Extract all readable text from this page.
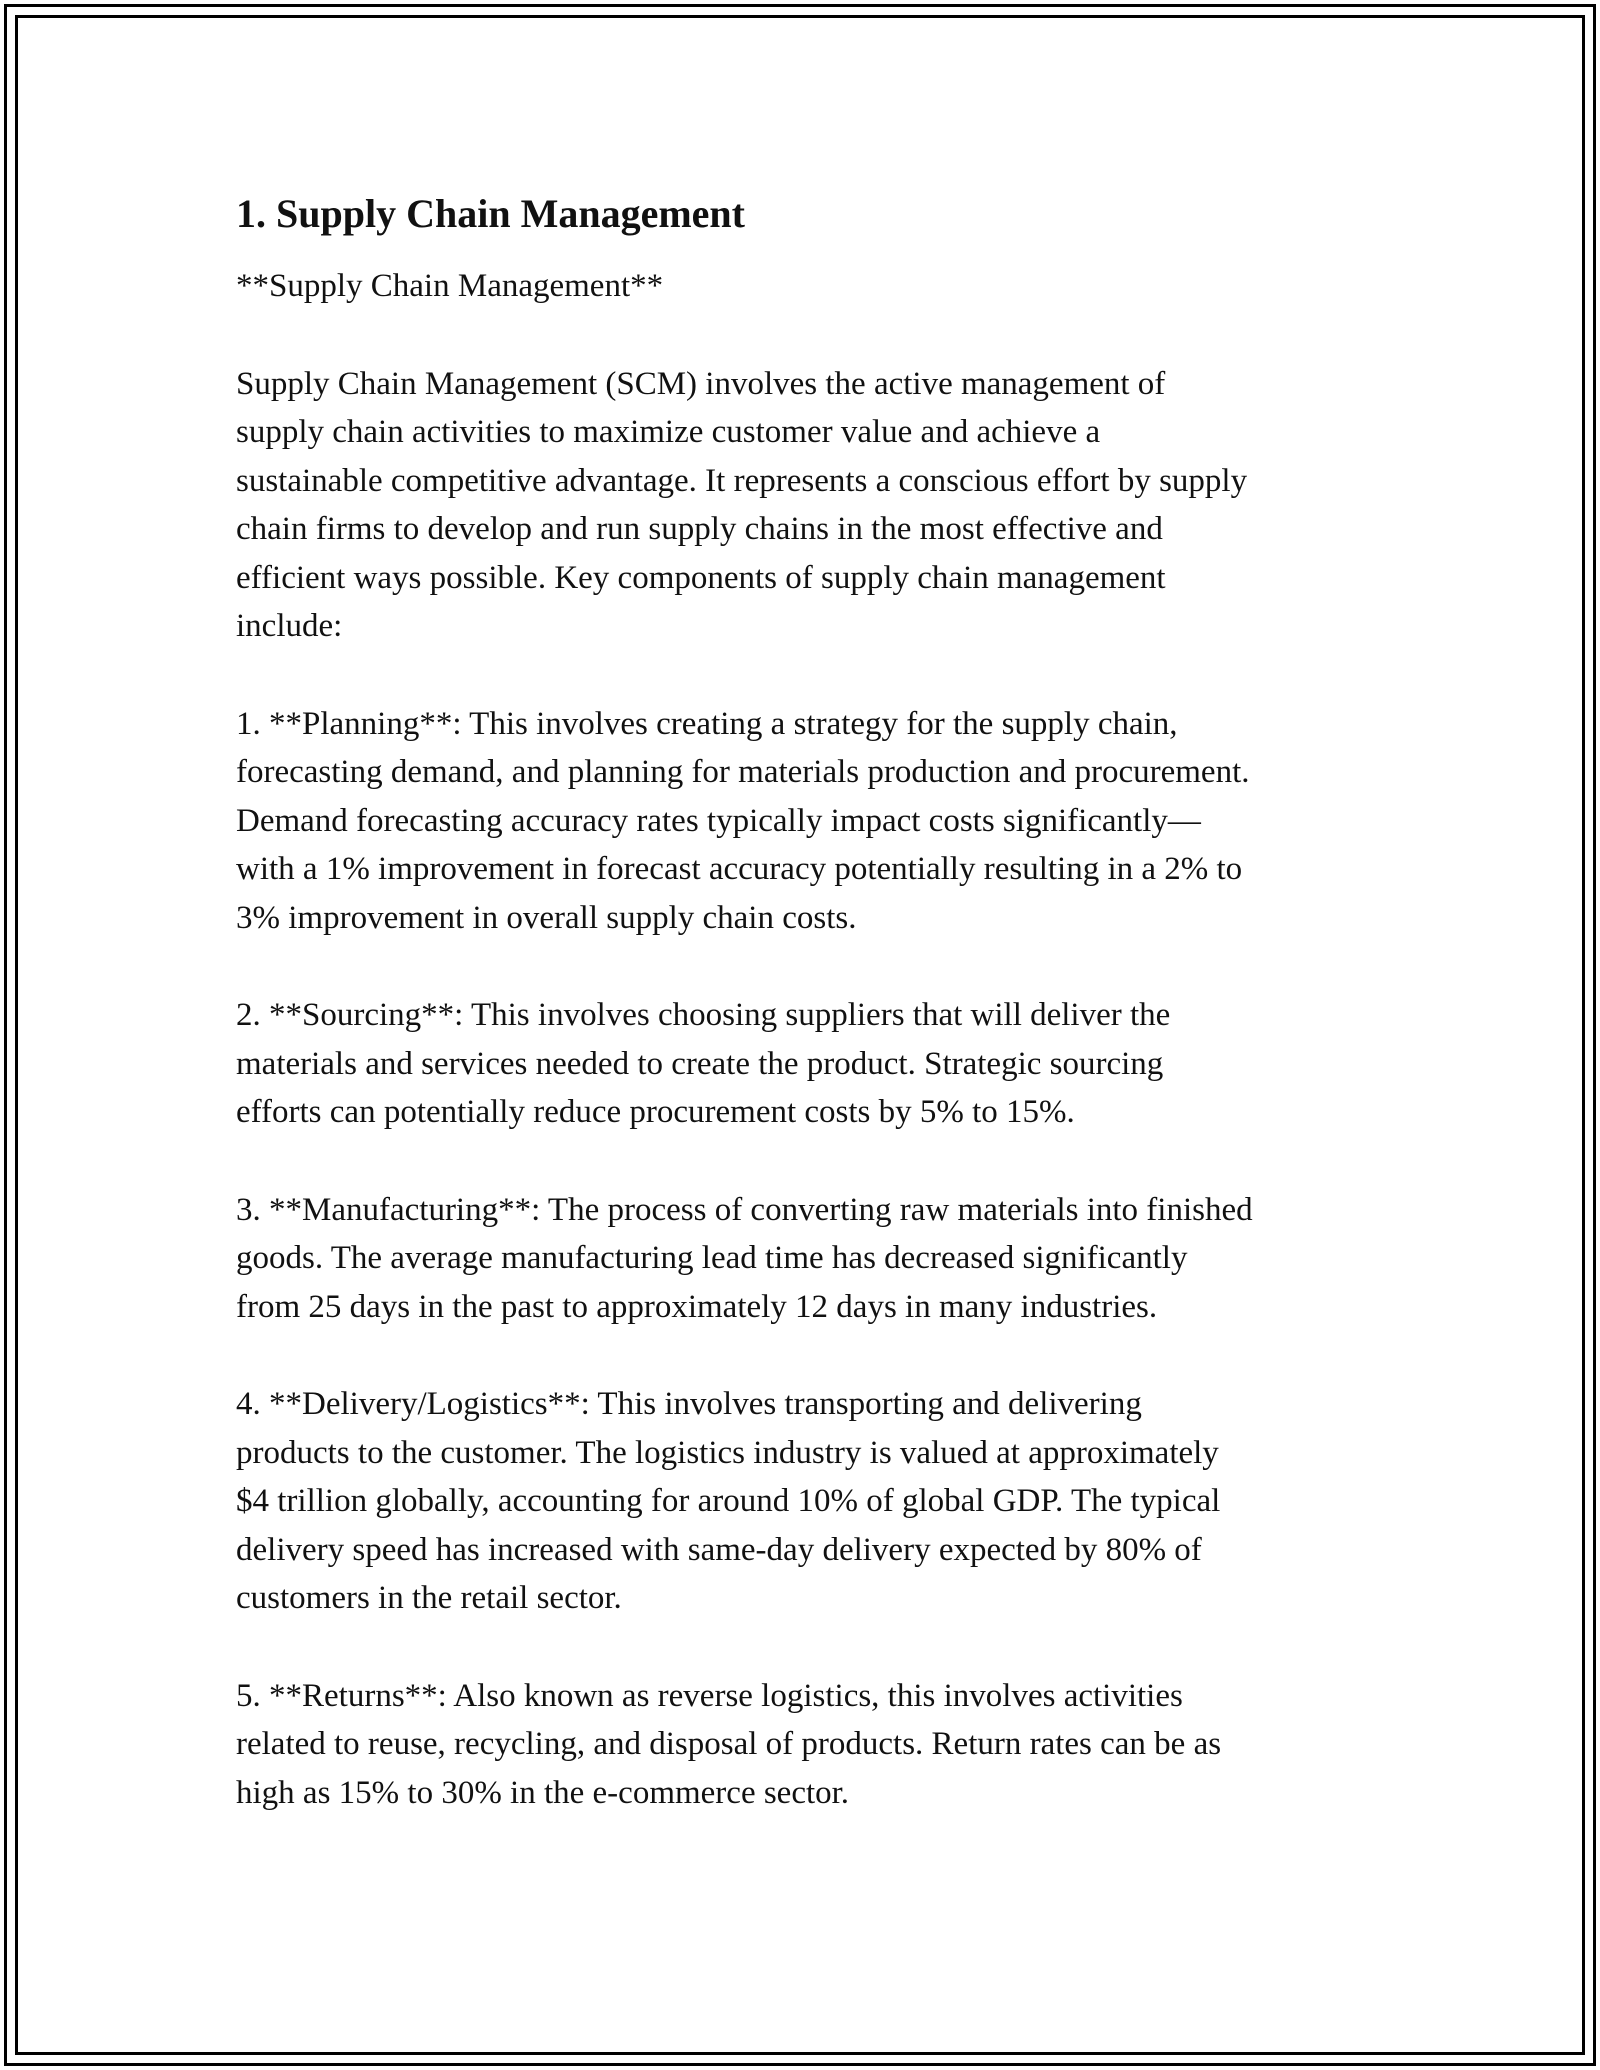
1. Supply Chain Management

**Supply Chain Management**

Supply Chain Management (SCM) involves the active management of
supply chain activities to maximize customer value and achieve a
sustainable competitive advantage. It represents a conscious effort by supply
chain firms to develop and run supply chains in the most effective and
efficient ways possible. Key components of supply chain management
include:

1. **Planning**: This involves creating a strategy for the supply chain,
forecasting demand, and planning for materials production and procurement.
Demand forecasting accuracy rates typically impact costs significantly—
with a 1% improvement in forecast accuracy potentially resulting in a 2% to
3% improvement in overall supply chain costs.

2. **Sourcing**: This involves choosing suppliers that will deliver the
materials and services needed to create the product. Strategic sourcing
efforts can potentially reduce procurement costs by 5% to 15%.

3. **Manufacturing**: The process of converting raw materials into finished
goods. The average manufacturing lead time has decreased significantly
from 25 days in the past to approximately 12 days in many industries.

4. **Delivery/Logistics**: This involves transporting and delivering
products to the customer. The logistics industry is valued at approximately
$4 trillion globally, accounting for around 10% of global GDP. The typical
delivery speed has increased with same-day delivery expected by 80% of
customers in the retail sector.

5. **Returns**: Also known as reverse logistics, this involves activities
related to reuse, recycling, and disposal of products. Return rates can be as
high as 15% to 30% in the e-commerce sector.
